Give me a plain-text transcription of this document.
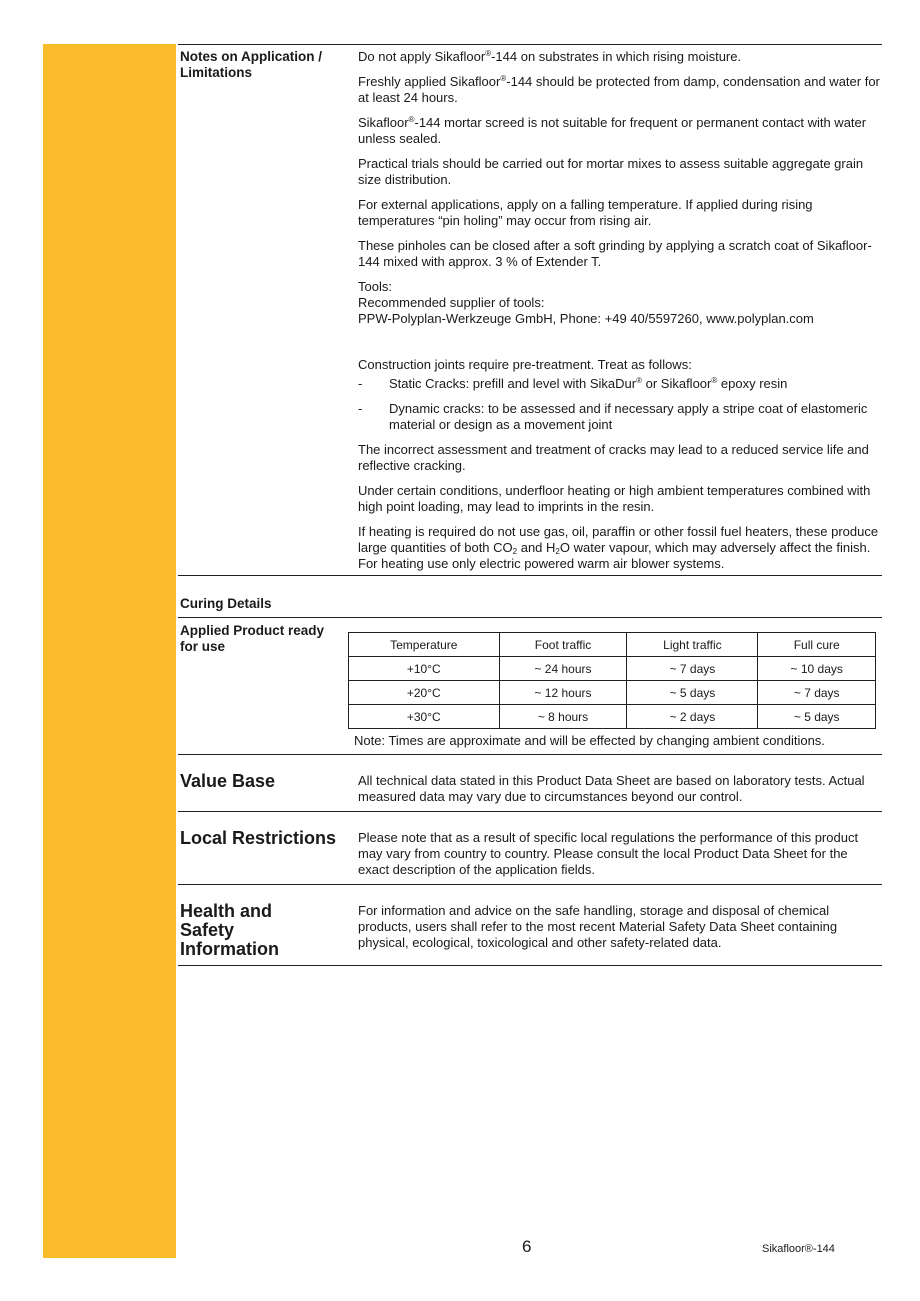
Notes on Application / Limitations

Do not apply Sikafloor®-144 on substrates in which rising moisture.

Freshly applied Sikafloor®-144 should be protected from damp, condensation and water for at least 24 hours.

Sikafloor®-144 mortar screed is not suitable for frequent or permanent contact with water unless sealed.

Practical trials should be carried out for mortar mixes to assess suitable aggregate grain size distribution.

For external applications, apply on a falling temperature. If applied during rising temperatures “pin holing” may occur from rising air.

These pinholes can be closed after a soft grinding by applying a scratch coat of Sikafloor-144 mixed with approx. 3 % of Extender T.

Tools:
Recommended supplier of tools:
PPW-Polyplan-Werkzeuge GmbH, Phone: +49 40/5597260, www.polyplan.com

Construction joints require pre-treatment. Treat as follows:

-	Static Cracks: prefill and level with SikaDur® or Sikafloor® epoxy resin
-	Dynamic cracks: to be assessed and if necessary apply a stripe coat of elastomeric material or design as a movement joint

The incorrect assessment and treatment of cracks may lead to a reduced service life and reflective cracking.

Under certain conditions, underfloor heating or high ambient temperatures combined with high point loading, may lead to imprints in the resin.

If heating is required do not use gas, oil, paraffin or other fossil fuel heaters, these produce large quantities of both $CO_2$ and $H_2O$ water vapour, which may adversely affect the finish. For heating use only electric powered warm air blower systems.

Curing Details
Applied Product ready for use	Temperature	Foot traffic	Light traffic	Full cure
+10°C	~ 24 hours	~ 7 days	~ 10 days
+20°C	~ 12 hours	~ 5 days	~ 7 days
+30°C	~ 8 hours	~ 2 days	~ 5 days
Note: Times are approximate and will be effected by changing ambient conditions.
Value Base	All technical data stated in this Product Data Sheet are based on laboratory tests. Actual measured data may vary due to circumstances beyond our control.
Local Restrictions	Please note that as a result of specific local regulations the performance of this product may vary from country to country. Please consult the local Product Data Sheet for the exact description of the application fields.
Health and Safety Information
For information and advice on the safe handling, storage and disposal of chemical products, users shall refer to the most recent Material Safety Data Sheet containing physical, ecological, toxicological and other safety-related data.
6	Sikafloor®-144
